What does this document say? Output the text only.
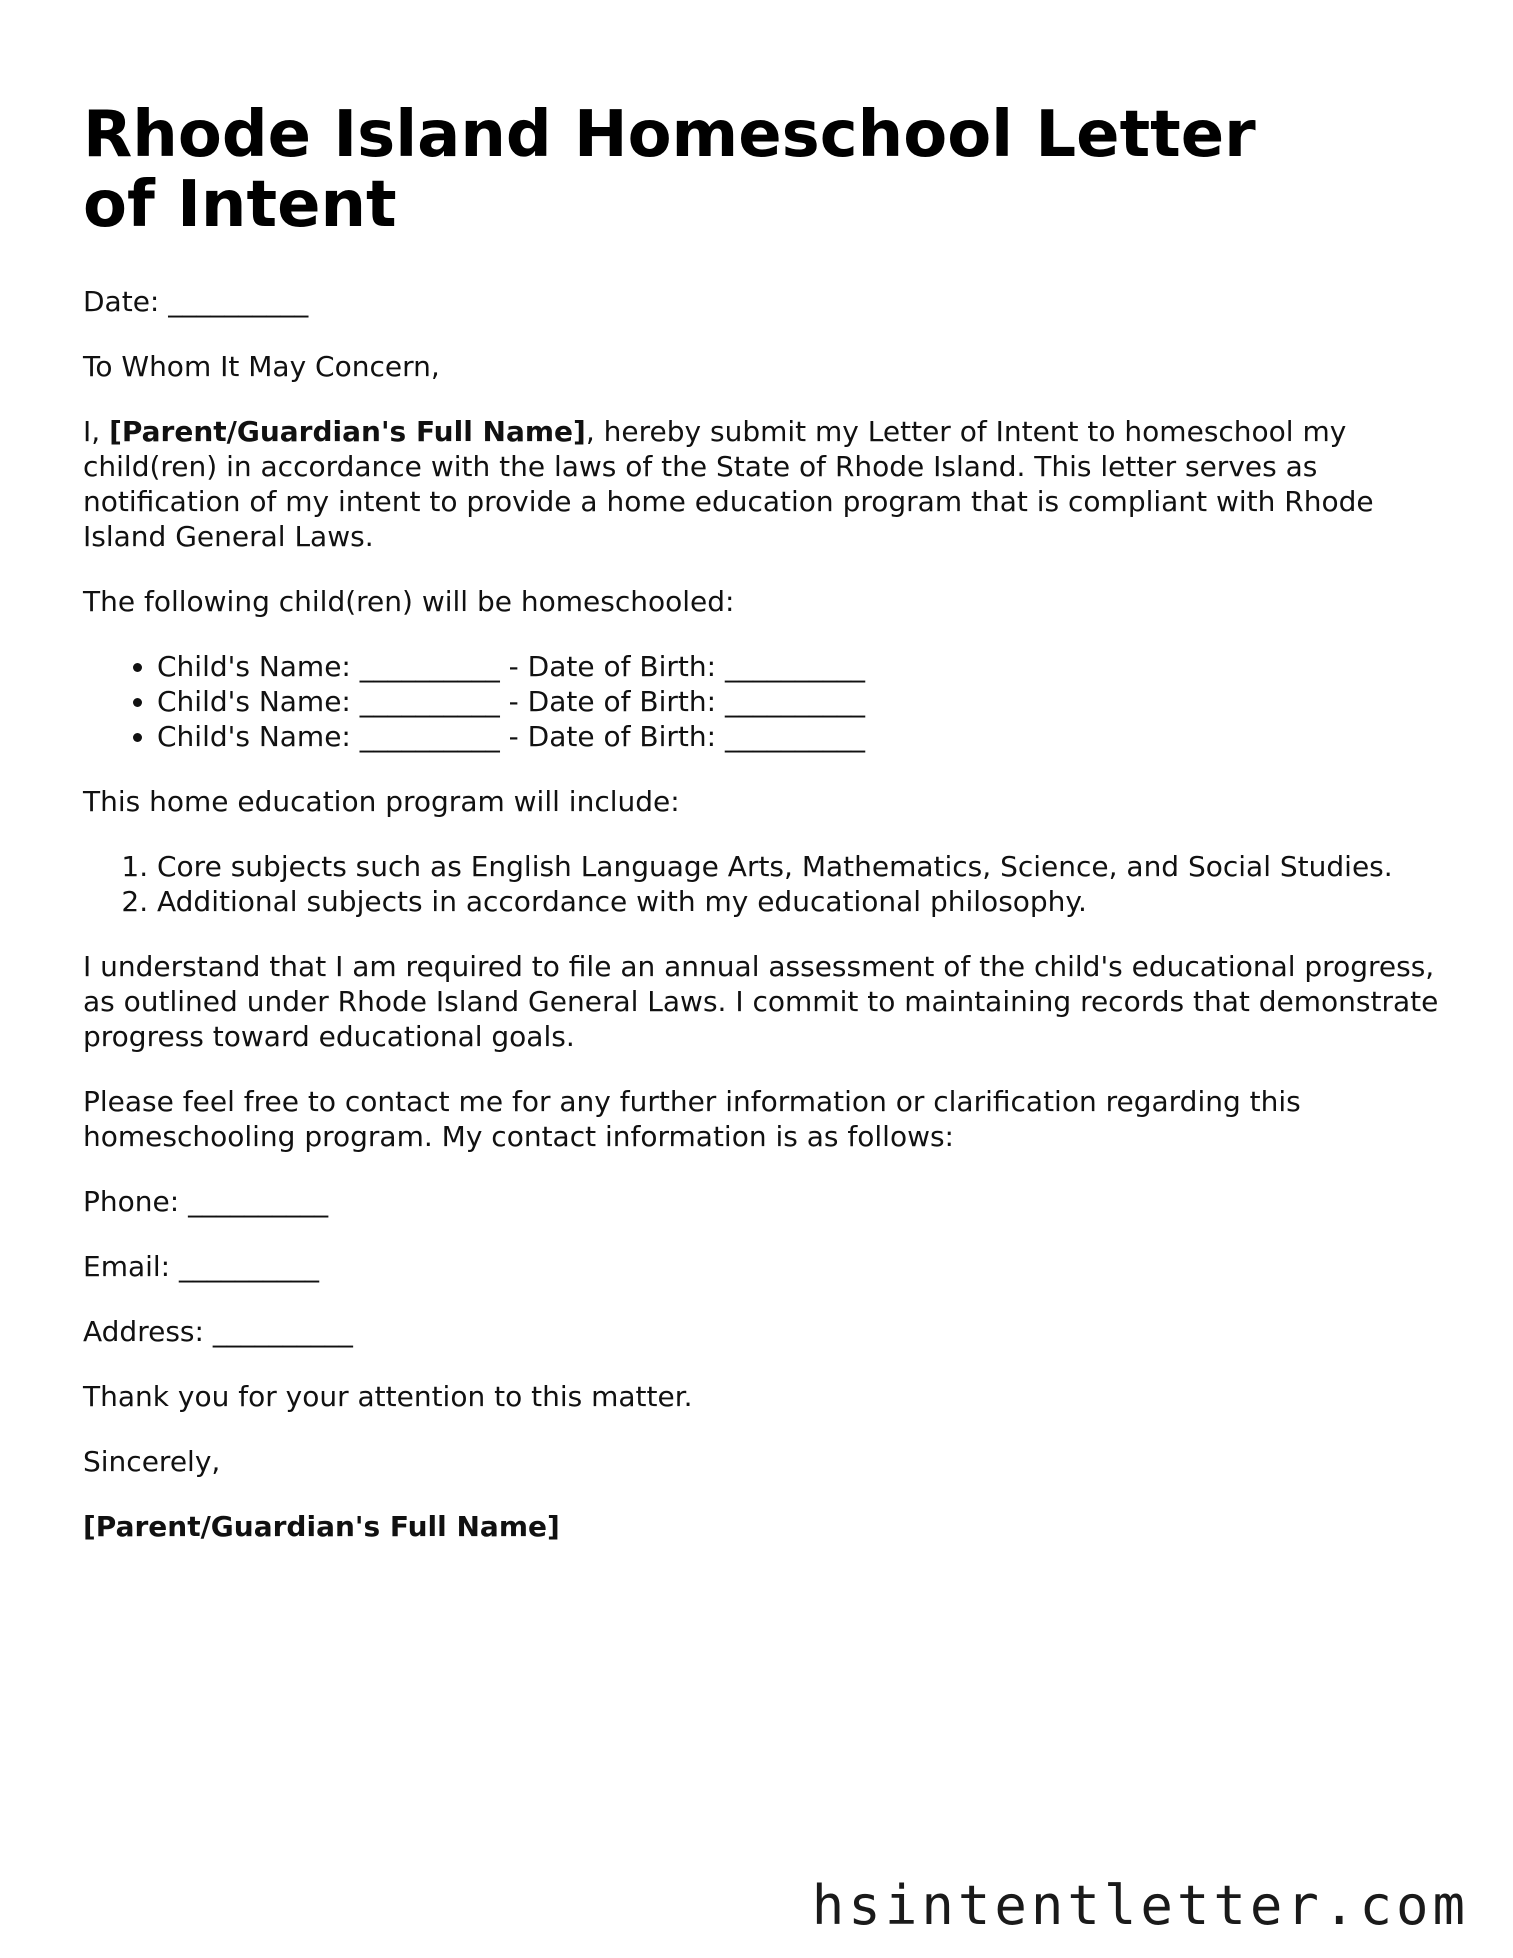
Rhode Island Homeschool Letter of Intent

Date: __________

To Whom It May Concern,

I, [Parent/Guardian's Full Name], hereby submit my Letter of Intent to homeschool my child(ren) in accordance with the laws of the State of Rhode Island. This letter serves as notification of my intent to provide a home education program that is compliant with Rhode Island General Laws.

The following child(ren) will be homeschooled:

• Child's Name: __________ - Date of Birth: __________
• Child's Name: __________ - Date of Birth: __________
• Child's Name: __________ - Date of Birth: __________

This home education program will include:

1. Core subjects such as English Language Arts, Mathematics, Science, and Social Studies.
2. Additional subjects in accordance with my educational philosophy.

I understand that I am required to file an annual assessment of the child's educational progress, as outlined under Rhode Island General Laws. I commit to maintaining records that demonstrate progress toward educational goals.

Please feel free to contact me for any further information or clarification regarding this homeschooling program. My contact information is as follows:

Phone: __________

Email: __________

Address: __________

Thank you for your attention to this matter.

Sincerely,

[Parent/Guardian's Full Name]

hsintentletter.com
